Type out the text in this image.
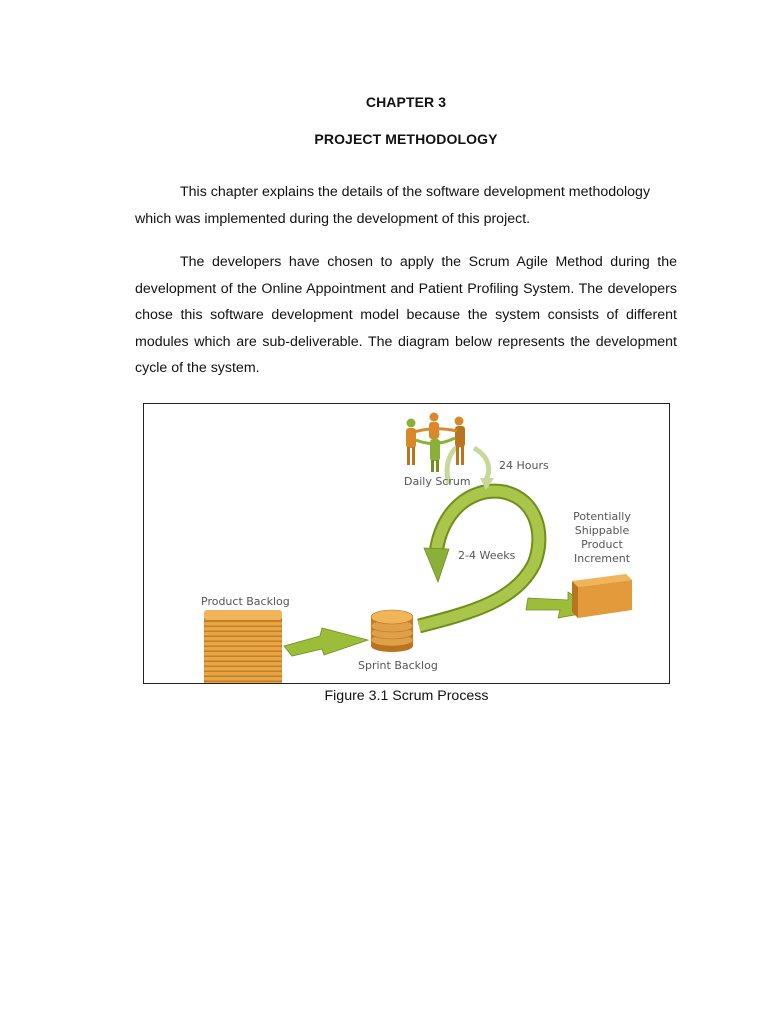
CHAPTER 3
PROJECT METHODOLOGY
This chapter explains the details of the software development methodology
which was implemented during the development of this project.

The developers have chosen to apply the Scrum Agile Method during the development of the Online Appointment and Patient Profiling System. The developers chose this software development model because the system consists of different modules which are sub-deliverable. The diagram below represents the development cycle of the system.

Product Backlog
Sprint Backlog
2-4 Weeks
24 Hours
Daily Scrum
Potentially
Shippable
Product
Increment
Figure 3.1 Scrum Process
